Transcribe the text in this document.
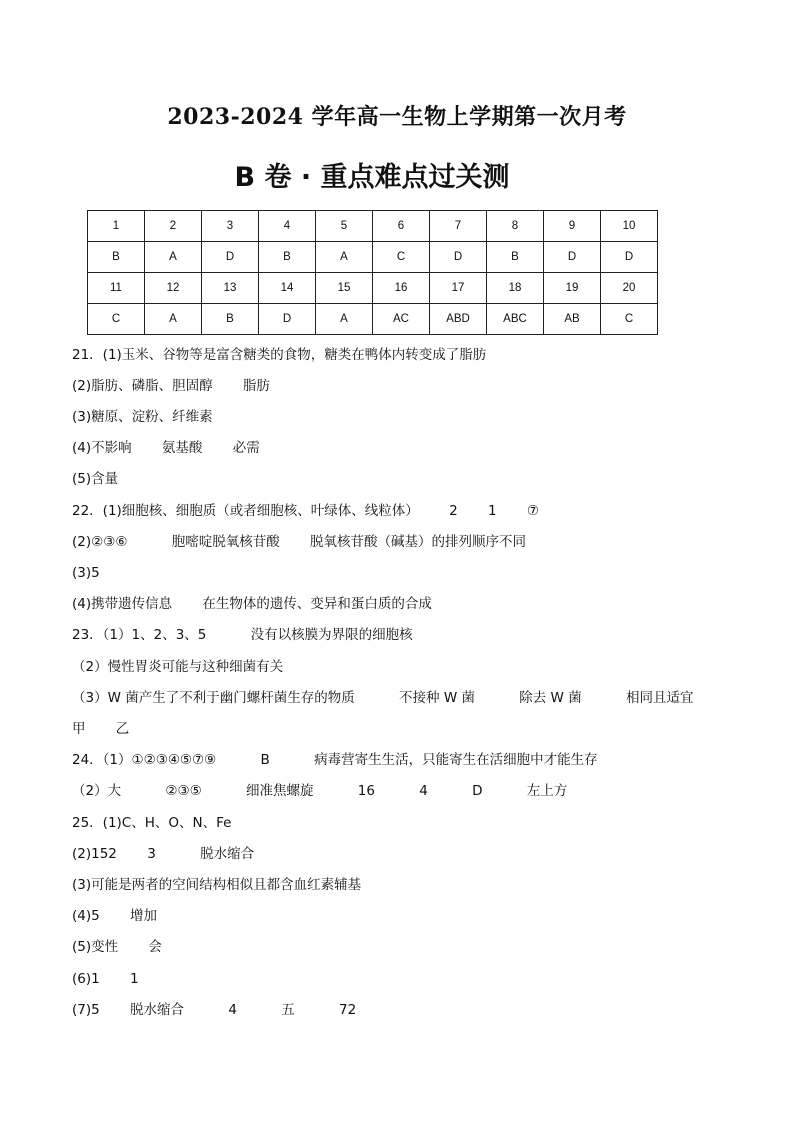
2023-2024 学年高一生物上学期第一次月考
B 卷 · 重点难点过关测
1	2	3	4	5	6	7	8	9	10
B	A	D	B	A	C	D	B	D	D
11	12	13	14	15	16	17	18	19	20
C	A	B	D	A	AC	ABD	ABC	AB	C
21．(1)玉米、谷物等是富含糖类的食物，糖类在鸭体内转变成了脂肪
(2)脂肪、磷脂、胆固醇 脂肪
(3)糖原、淀粉、纤维素
(4)不影响 氨基酸 必需
(5)含量
22．(1)细胞核、细胞质（或者细胞核、叶绿体、线粒体） 2 1 ⑦
(2)②③⑥	胞嘧啶脱氧核苷酸 脱氧核苷酸（碱基）的排列顺序不同
(3)5
(4)携带遗传信息 在生物体的遗传、变异和蛋白质的合成
23．（1）1、2、3、5	没有以核膜为界限的细胞核
（2）慢性胃炎可能与这种细菌有关
（3）W 菌产生了不利于幽门螺杆菌生存的物质	不接种 W 菌	除去 W 菌	相同且适宜
甲 乙
24．（1）①②③④⑤⑦⑨	B	病毒营寄生生活，只能寄生在活细胞中才能生存
（2）大	②③⑤	细准焦螺旋	16	4	D	左上方
25．(1)C、H、O、N、Fe
(2)152 3	脱水缩合
(3)可能是两者的空间结构相似且都含血红素辅基
(4)5 增加
(5)变性 会
(6)1 1
(7)5 脱水缩合	4	五	72
